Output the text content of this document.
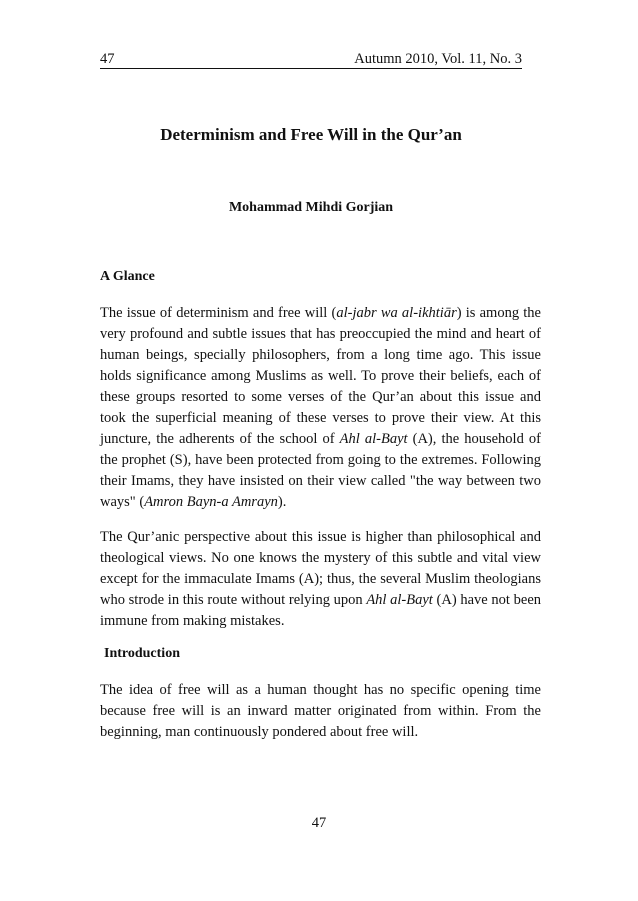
47	Autumn 2010, Vol. 11, No. 3
Determinism and Free Will in the Qur’an
Mohammad Mihdi Gorjian
A Glance

The issue of determinism and free will (al-jabr wa al-ikhtiār) is among the very profound and subtle issues that has preoccupied the mind and heart of human beings, specially philosophers, from a long time ago. This issue holds significance among Muslims as well. To prove their beliefs, each of these groups resorted to some verses of the Qur’an about this issue and took the superficial meaning of these verses to prove their view. At this juncture, the adherents of the school of Ahl al-Bayt (A), the household of the prophet (S), have been protected from going to the extremes. Following their Imams, they have insisted on their view called "the way between two ways" (Amron Bayn-a Amrayn).

The Qur’anic perspective about this issue is higher than philosophical and theological views. No one knows the mystery of this subtle and vital view except for the immaculate Imams (A); thus, the several Muslim theologians who strode in this route without relying upon Ahl al-Bayt (A) have not been immune from making mistakes.

Introduction

The idea of free will as a human thought has no specific opening time because free will is an inward matter originated from within. From the beginning, man continuously pondered about free will.

47
